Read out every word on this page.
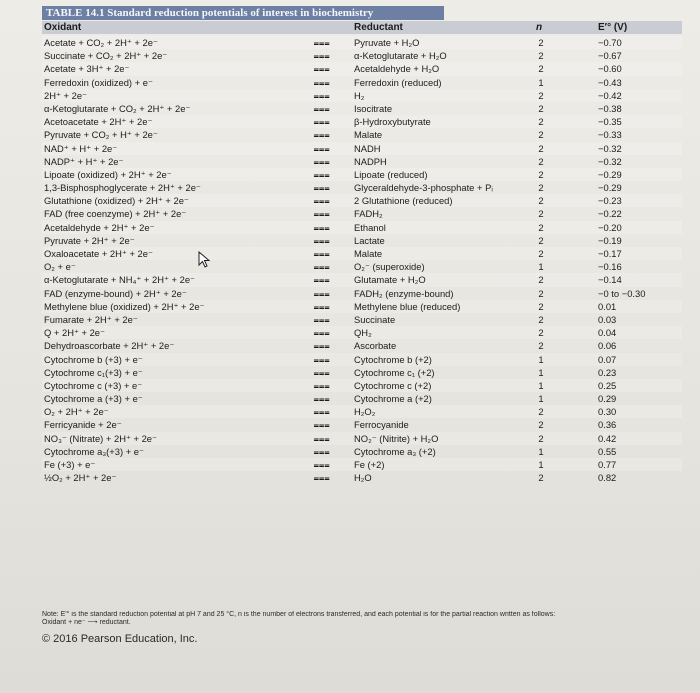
TABLE 14.1 Standard reduction potentials of interest in biochemistry
Oxidant	Reductant	n	E′° (V)
Acetate + CO₂ + 2H⁺ + 2e⁻	⩶	Pyruvate + H₂O	2	−0.70
Succinate + CO₂ + 2H⁺ + 2e⁻	⩶	α-Ketoglutarate + H₂O	2	−0.67
Acetate + 3H⁺ + 2e⁻	⩶	Acetaldehyde + H₂O	2	−0.60
Ferredoxin (oxidized) + e⁻	⩶	Ferredoxin (reduced)	1	−0.43
2H⁺ + 2e⁻	⩶	H₂	2	−0.42
α-Ketoglutarate + CO₂ + 2H⁺ + 2e⁻	⩶	Isocitrate	2	−0.38
Acetoacetate + 2H⁺ + 2e⁻	⩶	β-Hydroxybutyrate	2	−0.35
Pyruvate + CO₂ + H⁺ + 2e⁻	⩶	Malate	2	−0.33
NAD⁺ + H⁺ + 2e⁻	⩶	NADH	2	−0.32
NADP⁺ + H⁺ + 2e⁻	⩶	NADPH	2	−0.32
Lipoate (oxidized) + 2H⁺ + 2e⁻	⩶	Lipoate (reduced)	2	−0.29
1,3-Bisphosphoglycerate + 2H⁺ + 2e⁻	⩶	Glyceraldehyde-3-phosphate + Pᵢ	2	−0.29
Glutathione (oxidized) + 2H⁺ + 2e⁻	⩶	2 Glutathione (reduced)	2	−0.23
FAD (free coenzyme) + 2H⁺ + 2e⁻	⩶	FADH₂	2	−0.22
Acetaldehyde + 2H⁺ + 2e⁻	⩶	Ethanol	2	−0.20
Pyruvate + 2H⁺ + 2e⁻	⩶	Lactate	2	−0.19
Oxaloacetate + 2H⁺ + 2e⁻	⩶	Malate	2	−0.17
O₂ + e⁻	⩶	O₂⁻ (superoxide)	1	−0.16
α-Ketoglutarate + NH₄⁺ + 2H⁺ + 2e⁻	⩶	Glutamate + H₂O	2	−0.14
FAD (enzyme-bound) + 2H⁺ + 2e⁻	⩶	FADH₂ (enzyme-bound)	2	−0 to −0.30
Methylene blue (oxidized) + 2H⁺ + 2e⁻	⩶	Methylene blue (reduced)	2	0.01
Fumarate + 2H⁺ + 2e⁻	⩶	Succinate	2	0.03
Q + 2H⁺ + 2e⁻	⩶	QH₂	2	0.04
Dehydroascorbate + 2H⁺ + 2e⁻	⩶	Ascorbate	2	0.06
Cytochrome b (+3) + e⁻	⩶	Cytochrome b (+2)	1	0.07
Cytochrome c₁(+3) + e⁻	⩶	Cytochrome c₁ (+2)	1	0.23
Cytochrome c (+3) + e⁻	⩶	Cytochrome c (+2)	1	0.25
Cytochrome a (+3) + e⁻	⩶	Cytochrome a (+2)	1	0.29
O₂ + 2H⁺ + 2e⁻	⩶	H₂O₂	2	0.30
Ferricyanide + 2e⁻	⩶	Ferrocyanide	2	0.36
NO₃⁻ (Nitrate) + 2H⁺ + 2e⁻	⩶	NO₂⁻ (Nitrite) + H₂O	2	0.42
Cytochrome a₃(+3) + e⁻	⩶	Cytochrome a₃ (+2)	1	0.55
Fe (+3) + e⁻	⩶	Fe (+2)	1	0.77
½O₂ + 2H⁺ + 2e⁻	⩶	H₂O	2	0.82
Note: E′° is the standard reduction potential at pH 7 and 25 °C, n is the number of electrons transferred, and each potential is for the partial reaction written as follows:
Oxidant + ne⁻ ⟶ reductant.
© 2016 Pearson Education, Inc.
